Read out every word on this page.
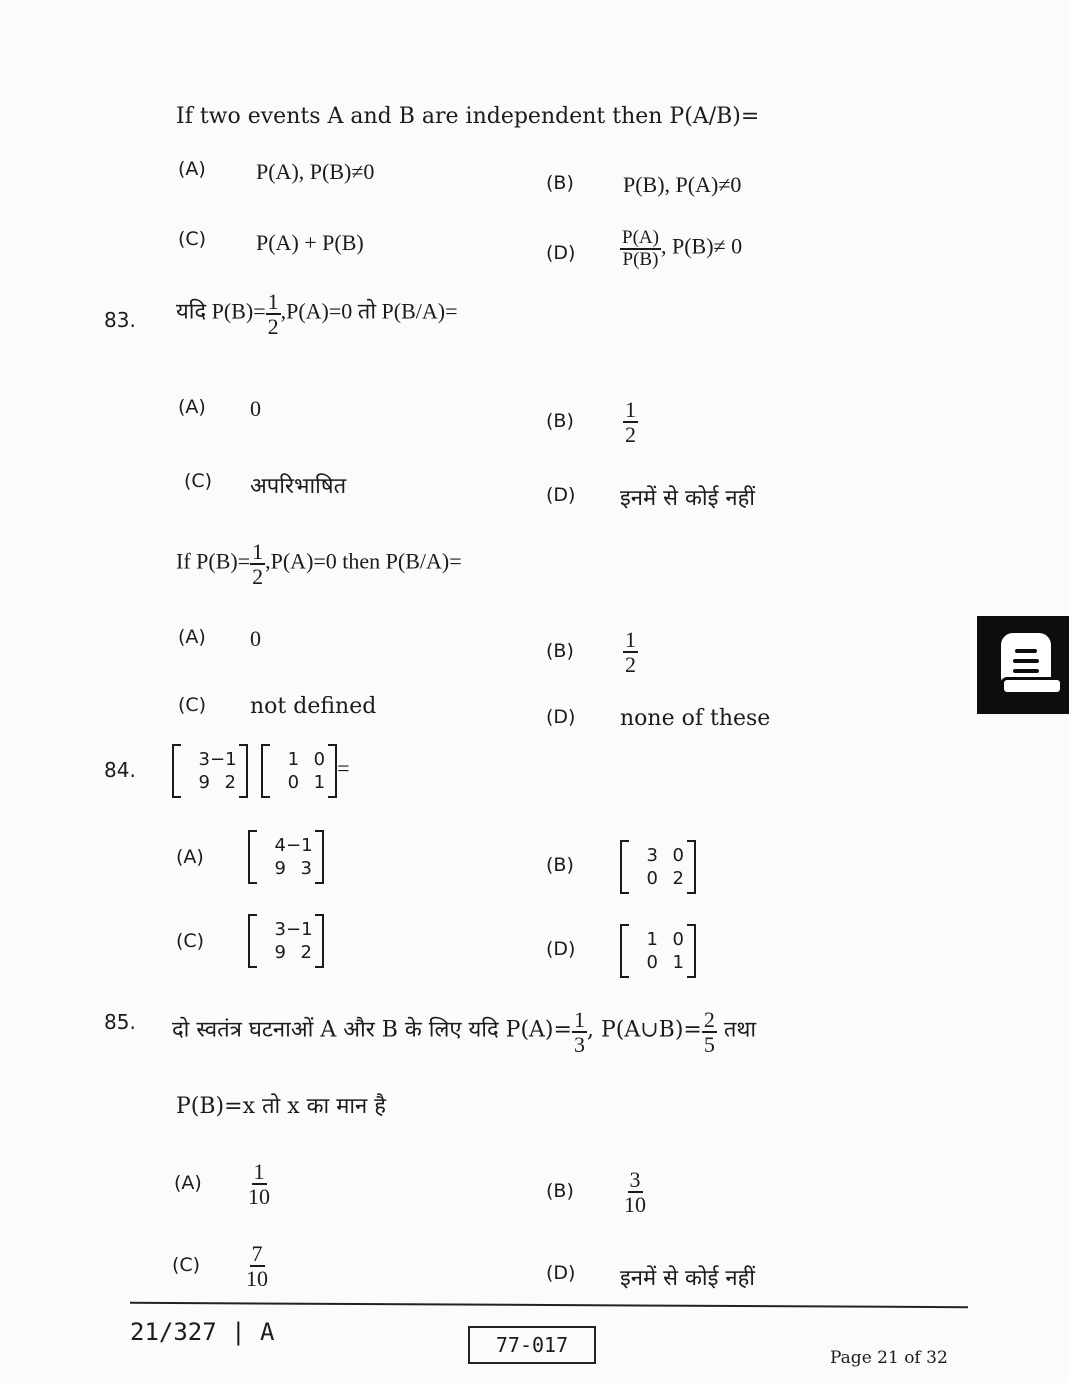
If two events A and B are independent then P(A/B)=
(A) P(A), P(B)≠0	(B) P(B), P(A)≠0
(C) P(A) + P(B)	$(D) \frac{P(A)}{P(B)}$ , P(B)≠ 0
83. यदि $P(B)= \frac{1}{2} ,P(A)=0$ तो P(B/A)=
(A) 0	$(B) \frac{1}{2}$
(C) अपरिभाषित	(D) इनमें से कोई नहीं
If $P(B)= \frac{1}{2} ,P(A)=0$ then P(B/A)=
(A) 0	$(B) \frac{1}{2}$
(C) not defined	(D) none of these
84.	3 −1
9 2

1 0
0 1
=
(A)
4 −1
9 3	(B)	3 0
0 2
(C)
3 −1
9 2	(D)	1 0
0 1
85. दो स्वतंत्र घटनाओं A और B के लिए यदि $P(A)= \frac{1}{3}$ , P(A∪B)= $\frac{2}{5}$ तथा
P(B)=x तो x का मान है
$(A) \frac{1}{10}$	$(B) \frac{3}{10}$
$(C) \frac{7}{10}$	(D) इनमें से कोई नहीं
21/327 | A	77-017
Page 21 of 32
